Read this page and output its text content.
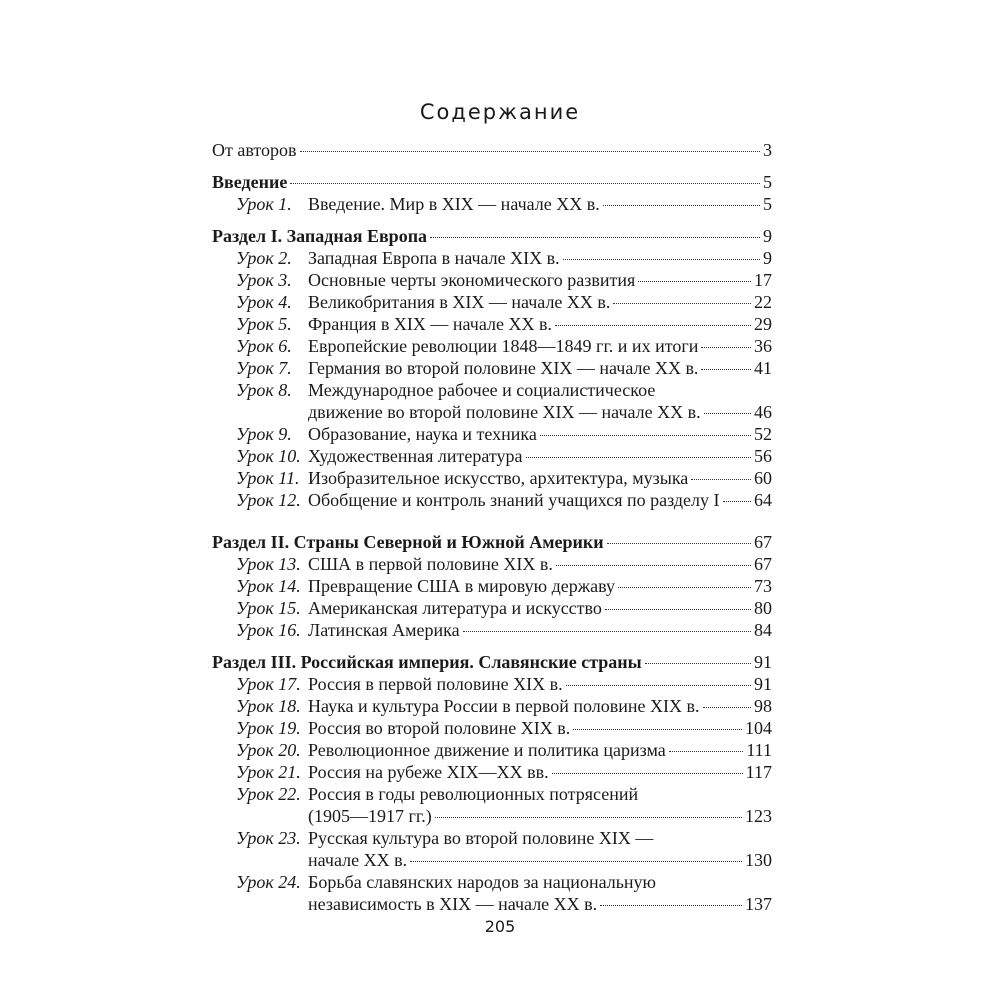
Содержание
От авторов	3
Введение	5
Урок 1. Введение. Мир в XIX — начале XX в.	5
Раздел I. Западная Европа	9
Урок 2. Западная Европа в начале XIX в.	9
Урок 3. Основные черты экономического развития	17
Урок 4. Великобритания в XIX — начале XX в.	22
Урок 5. Франция в XIX — начале XX в.	29
Урок 6. Европейские революции 1848—1849 гг. и их итоги	36
Урок 7. Германия во второй половине XIX — начале XX в.	41
Урок 8. Международное рабочее и социалистическое
движение во второй половине XIX — начале XX в.	46
Урок 9. Образование, наука и техника	52
Урок 10. Художественная литература	56
Урок 11. Изобразительное искусство, архитектура, музыка	60
Урок 12. Обобщение и контроль знаний учащихся по разделу I 64
Раздел II. Страны Северной и Южной Америки	67
Урок 13. США в первой половине XIX в.	67
Урок 14. Превращение США в мировую державу	73
Урок 15. Американская литература и искусство	80
Урок 16. Латинская Америка	84
Раздел III. Российская империя. Славянские страны	91
Урок 17. Россия в первой половине XIX в.	91
Урок 18. Наука и культура России в первой половине XIX в.	98
Урок 19. Россия во второй половине XIX в.	104
Урок 20. Революционное движение и политика царизма	111
Урок 21. Россия на рубеже XIX—XX вв.	117
Урок 22. Россия в годы революционных потрясений
(1905—1917 гг.)	123
Урок 23. Русская культура во второй половине XIX —
начале XX в.	130
Урок 24. Борьба славянских народов за национальную
независимость в XIX — начале XX в.	137
205
